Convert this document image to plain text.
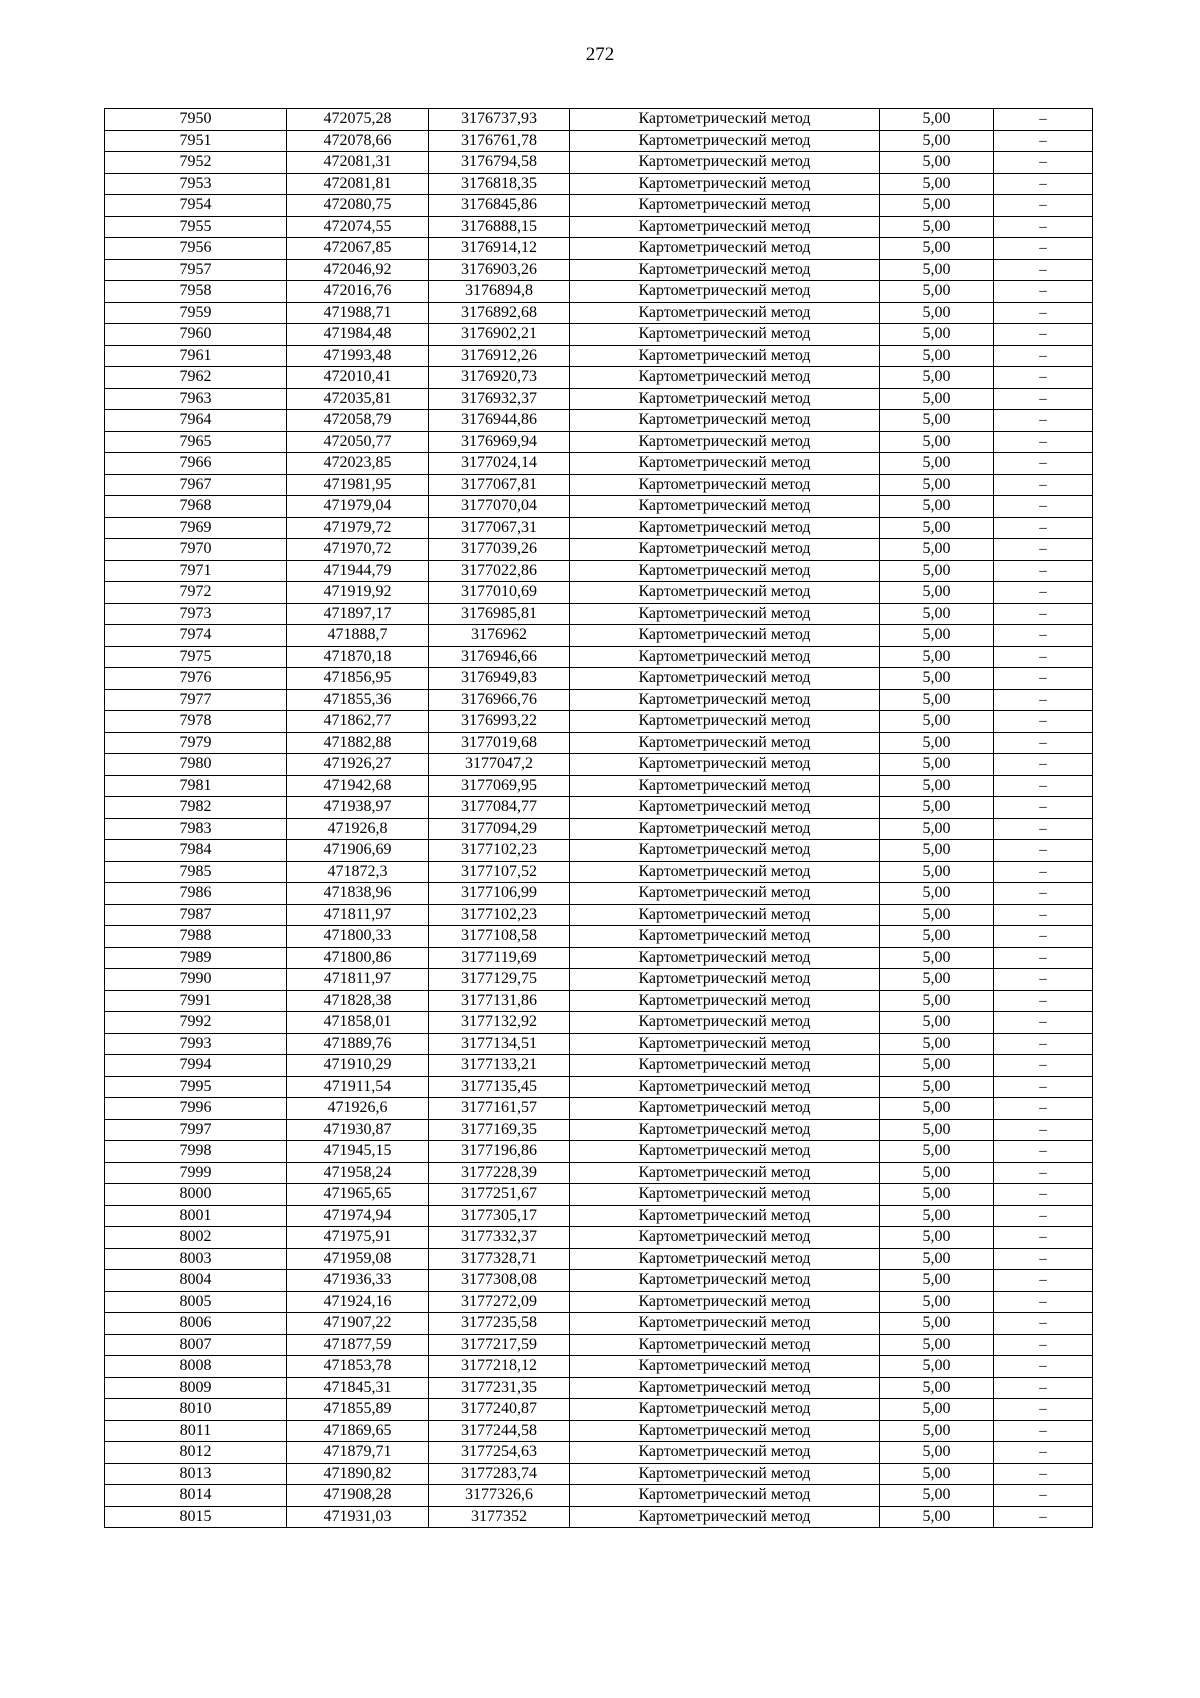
272
7950	472075,28	3176737,93	Картометрический метод	5,00	–
7951	472078,66	3176761,78	Картометрический метод	5,00	–
7952	472081,31	3176794,58	Картометрический метод	5,00	–
7953	472081,81	3176818,35	Картометрический метод	5,00	–
7954	472080,75	3176845,86	Картометрический метод	5,00	–
7955	472074,55	3176888,15	Картометрический метод	5,00	–
7956	472067,85	3176914,12	Картометрический метод	5,00	–
7957	472046,92	3176903,26	Картометрический метод	5,00	–
7958	472016,76	3176894,8	Картометрический метод	5,00	–
7959	471988,71	3176892,68	Картометрический метод	5,00	–
7960	471984,48	3176902,21	Картометрический метод	5,00	–
7961	471993,48	3176912,26	Картометрический метод	5,00	–
7962	472010,41	3176920,73	Картометрический метод	5,00	–
7963	472035,81	3176932,37	Картометрический метод	5,00	–
7964	472058,79	3176944,86	Картометрический метод	5,00	–
7965	472050,77	3176969,94	Картометрический метод	5,00	–
7966	472023,85	3177024,14	Картометрический метод	5,00	–
7967	471981,95	3177067,81	Картометрический метод	5,00	–
7968	471979,04	3177070,04	Картометрический метод	5,00	–
7969	471979,72	3177067,31	Картометрический метод	5,00	–
7970	471970,72	3177039,26	Картометрический метод	5,00	–
7971	471944,79	3177022,86	Картометрический метод	5,00	–
7972	471919,92	3177010,69	Картометрический метод	5,00	–
7973	471897,17	3176985,81	Картометрический метод	5,00	–
7974	471888,7	3176962	Картометрический метод	5,00	–
7975	471870,18	3176946,66	Картометрический метод	5,00	–
7976	471856,95	3176949,83	Картометрический метод	5,00	–
7977	471855,36	3176966,76	Картометрический метод	5,00	–
7978	471862,77	3176993,22	Картометрический метод	5,00	–
7979	471882,88	3177019,68	Картометрический метод	5,00	–
7980	471926,27	3177047,2	Картометрический метод	5,00	–
7981	471942,68	3177069,95	Картометрический метод	5,00	–
7982	471938,97	3177084,77	Картометрический метод	5,00	–
7983	471926,8	3177094,29	Картометрический метод	5,00	–
7984	471906,69	3177102,23	Картометрический метод	5,00	–
7985	471872,3	3177107,52	Картометрический метод	5,00	–
7986	471838,96	3177106,99	Картометрический метод	5,00	–
7987	471811,97	3177102,23	Картометрический метод	5,00	–
7988	471800,33	3177108,58	Картометрический метод	5,00	–
7989	471800,86	3177119,69	Картометрический метод	5,00	–
7990	471811,97	3177129,75	Картометрический метод	5,00	–
7991	471828,38	3177131,86	Картометрический метод	5,00	–
7992	471858,01	3177132,92	Картометрический метод	5,00	–
7993	471889,76	3177134,51	Картометрический метод	5,00	–
7994	471910,29	3177133,21	Картометрический метод	5,00	–
7995	471911,54	3177135,45	Картометрический метод	5,00	–
7996	471926,6	3177161,57	Картометрический метод	5,00	–
7997	471930,87	3177169,35	Картометрический метод	5,00	–
7998	471945,15	3177196,86	Картометрический метод	5,00	–
7999	471958,24	3177228,39	Картометрический метод	5,00	–
8000	471965,65	3177251,67	Картометрический метод	5,00	–
8001	471974,94	3177305,17	Картометрический метод	5,00	–
8002	471975,91	3177332,37	Картометрический метод	5,00	–
8003	471959,08	3177328,71	Картометрический метод	5,00	–
8004	471936,33	3177308,08	Картометрический метод	5,00	–
8005	471924,16	3177272,09	Картометрический метод	5,00	–
8006	471907,22	3177235,58	Картометрический метод	5,00	–
8007	471877,59	3177217,59	Картометрический метод	5,00	–
8008	471853,78	3177218,12	Картометрический метод	5,00	–
8009	471845,31	3177231,35	Картометрический метод	5,00	–
8010	471855,89	3177240,87	Картометрический метод	5,00	–
8011	471869,65	3177244,58	Картометрический метод	5,00	–
8012	471879,71	3177254,63	Картометрический метод	5,00	–
8013	471890,82	3177283,74	Картометрический метод	5,00	–
8014	471908,28	3177326,6	Картометрический метод	5,00	–
8015	471931,03	3177352	Картометрический метод	5,00	–
